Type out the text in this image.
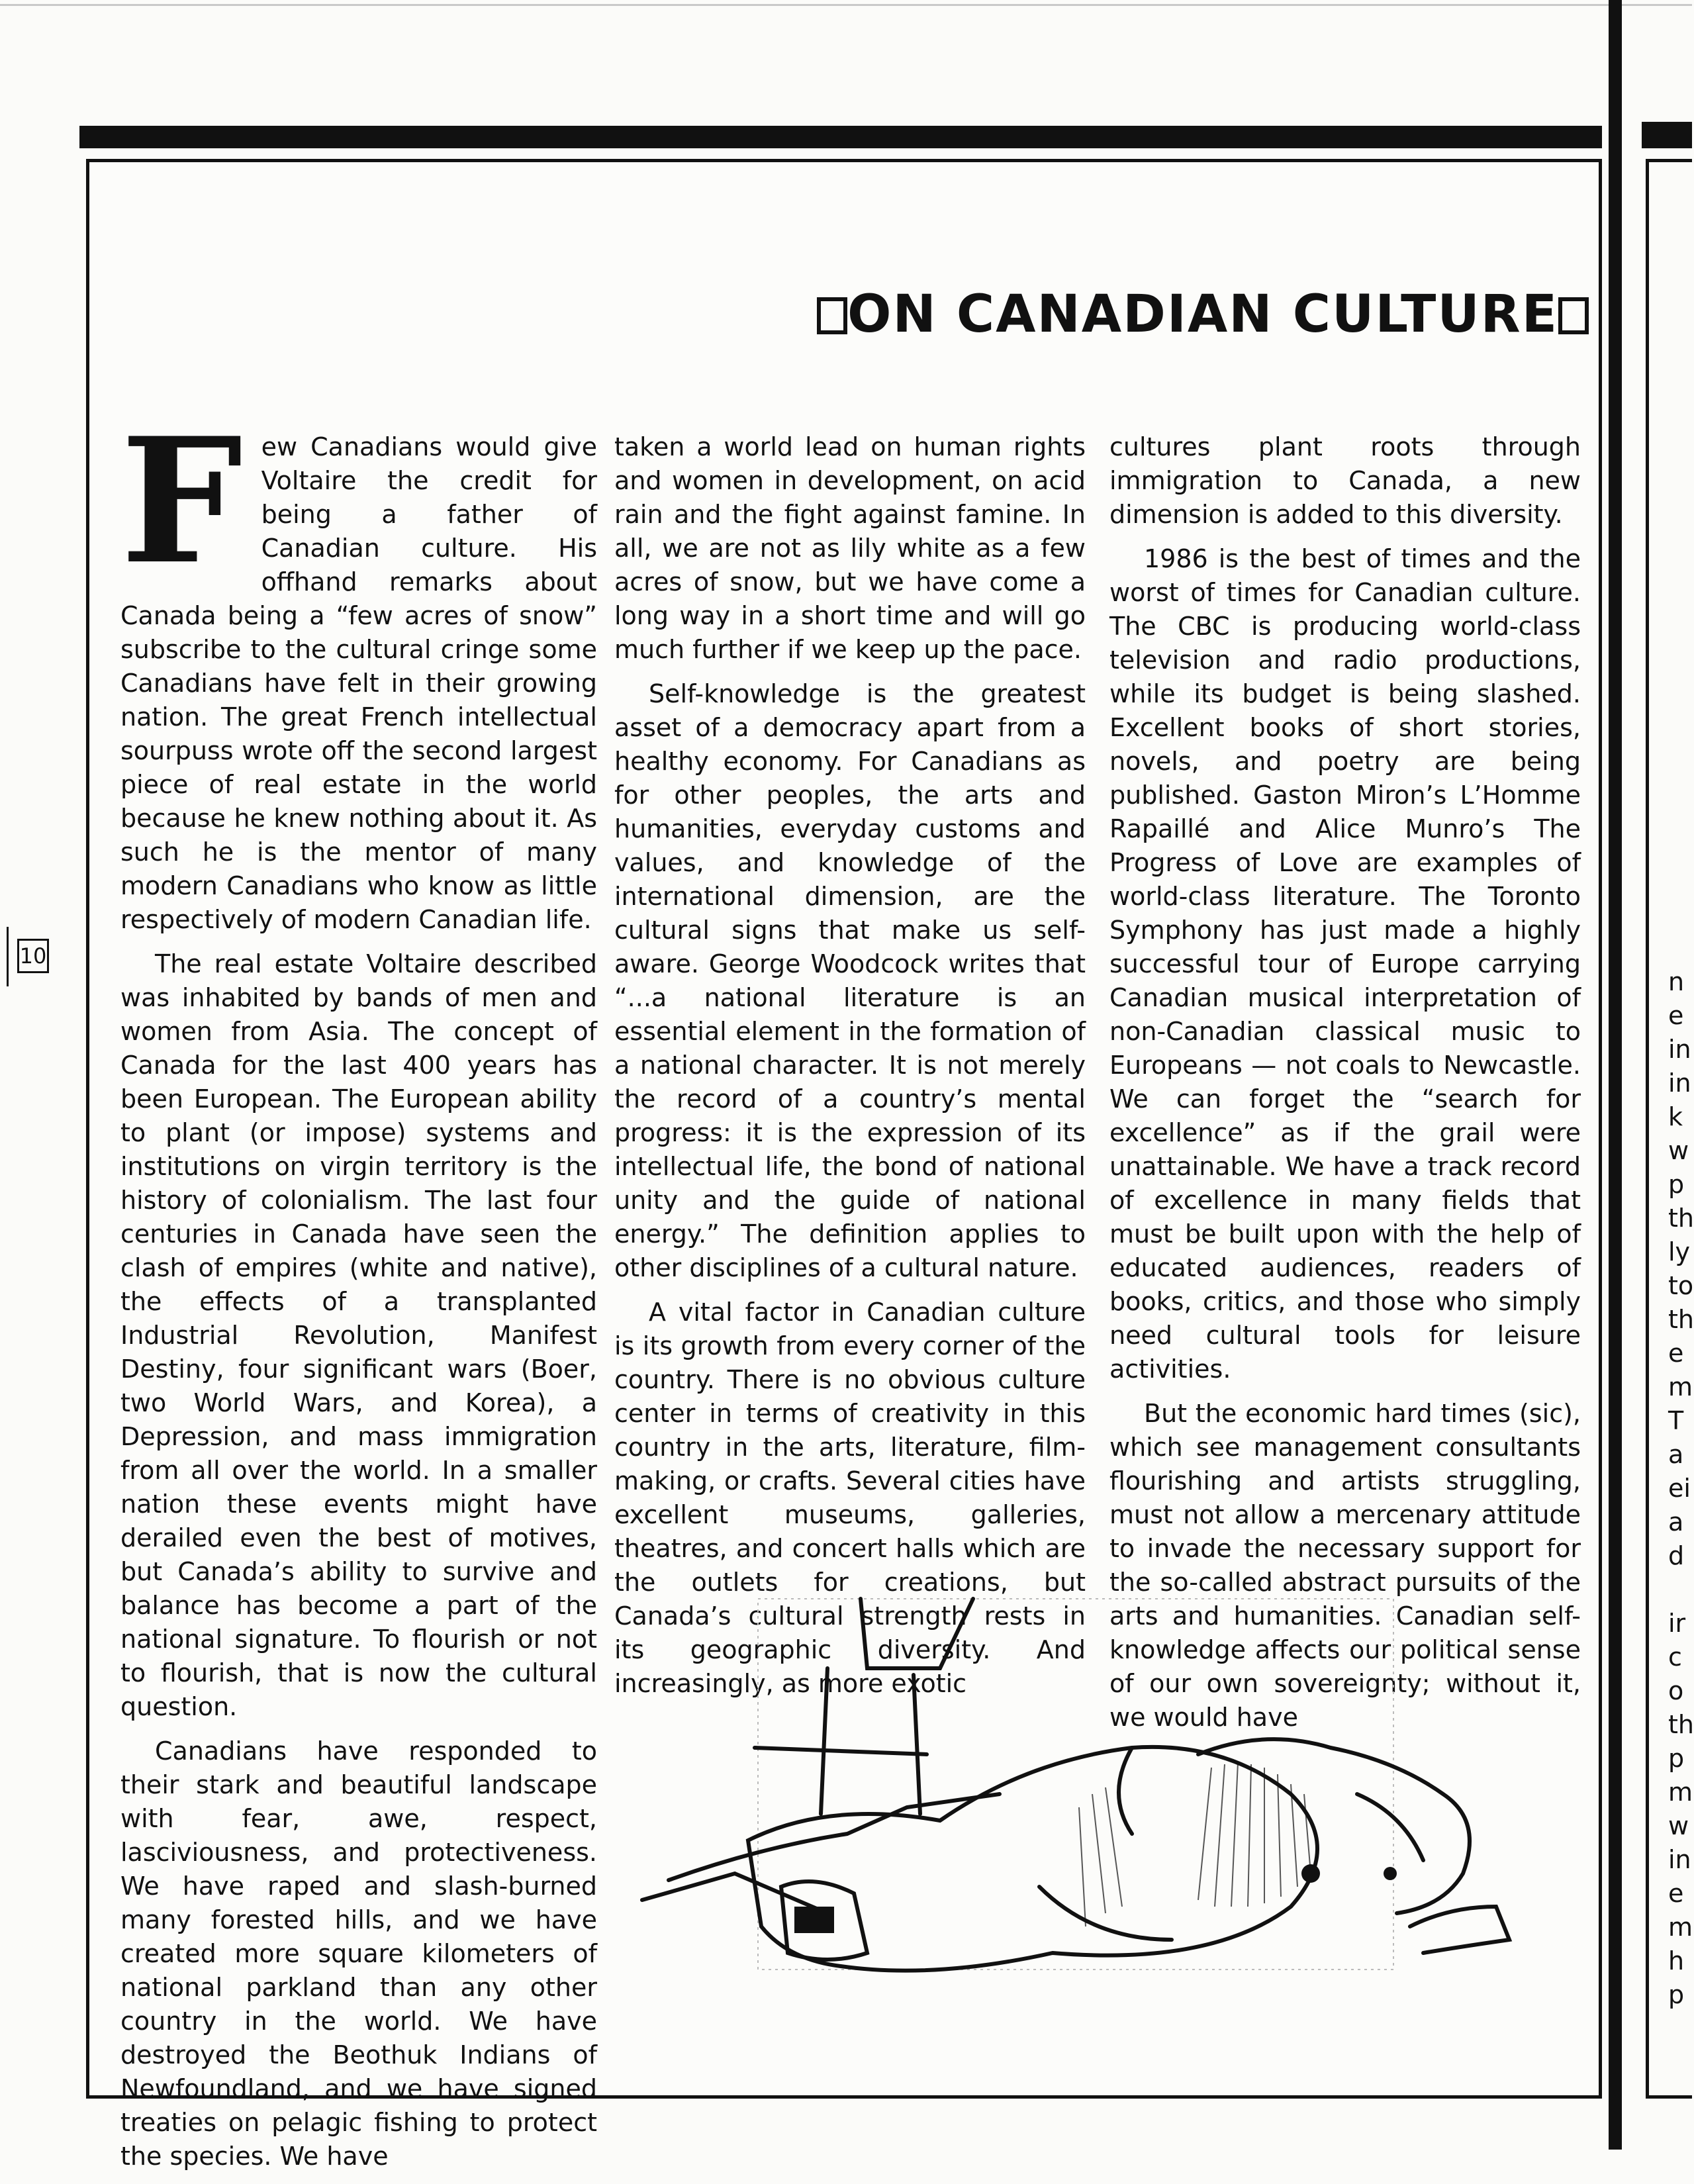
10
ON CANADIAN CULTURE

Few Canadians would give Voltaire the credit for being a father of Canadian culture. His offhand remarks about Canada being a “few acres of snow” subscribe to the cultural cringe some Canadians have felt in their growing nation. The great French intellectual sourpuss wrote off the second largest piece of real estate in the world because he knew nothing about it. As such he is the mentor of many modern Canadians who know as little respectively of modern Canadian life.

The real estate Voltaire described was inhabited by bands of men and women from Asia. The concept of Canada for the last 400 years has been European. The European ability to plant (or impose) systems and institutions on virgin territory is the history of colonialism. The last four centuries in Canada have seen the clash of empires (white and native), the effects of a transplanted Industrial Revolution, Manifest Destiny, four significant wars (Boer, two World Wars, and Korea), a Depression, and mass immigration from all over the world. In a smaller nation these events might have derailed even the best of motives, but Canada’s ability to survive and balance has become a part of the national signature. To flourish or not to flourish, that is now the cultural question.

Canadians have responded to their stark and beautiful landscape with fear, awe, respect, lasciviousness, and protectiveness. We have raped and slash-burned many forested hills, and we have created more square kilometers of national parkland than any other country in the world. We have destroyed the Beothuk Indians of Newfoundland, and we have signed treaties on pelagic fishing to protect the species. We have

taken a world lead on human rights and women in development, on acid rain and the fight against famine. In all, we are not as lily white as a few acres of snow, but we have come a long way in a short time and will go much further if we keep up the pace.

Self-knowledge is the greatest asset of a democracy apart from a healthy economy. For Canadians as for other peoples, the arts and humanities, everyday customs and values, and knowledge of the international dimension, are the cultural signs that make us self-aware. George Woodcock writes that “...a national literature is an essential element in the formation of a national character. It is not merely the record of a country’s mental progress: it is the expression of its intellectual life, the bond of national unity and the guide of national energy.” The definition applies to other disciplines of a cultural nature.

A vital factor in Canadian culture is its growth from every corner of the country. There is no obvious culture center in terms of creativity in this country in the arts, literature, film-making, or crafts. Several cities have excellent museums, galleries, theatres, and concert halls which are the outlets for creations, but Canada’s cultural strength rests in its geographic diversity. And increasingly, as more exotic

cultures plant roots through immigration to Canada, a new dimension is added to this diversity.

1986 is the best of times and the worst of times for Canadian culture. The CBC is producing world-class television and radio productions, while its budget is being slashed. Excellent books of short stories, novels, and poetry are being published. Gaston Miron’s L’Homme Rapaillé and Alice Munro’s The Progress of Love are examples of world-class literature. The Toronto Symphony has just made a highly successful tour of Europe carrying Canadian musical interpretation of non-Canadian classical music to Europeans — not coals to Newcastle. We can forget the “search for excellence” as if the grail were unattainable. We have a track record of excellence in many fields that must be built upon with the help of educated audiences, readers of books, critics, and those who simply need cultural tools for leisure activities.

But the economic hard times (sic), which see management consultants flourishing and artists struggling, must not allow a mercenary attitude to invade the necessary support for the so-called abstract pursuits of the arts and humanities. Canadian self-knowledge affects our political sense of our own sovereignty; without it, we would have

n
e
in
in
k
w
p
th
ly
to
th
e
m
T
a
ei
a
d
ir
c
o
th
p
m
w
in
e
m
h
p
